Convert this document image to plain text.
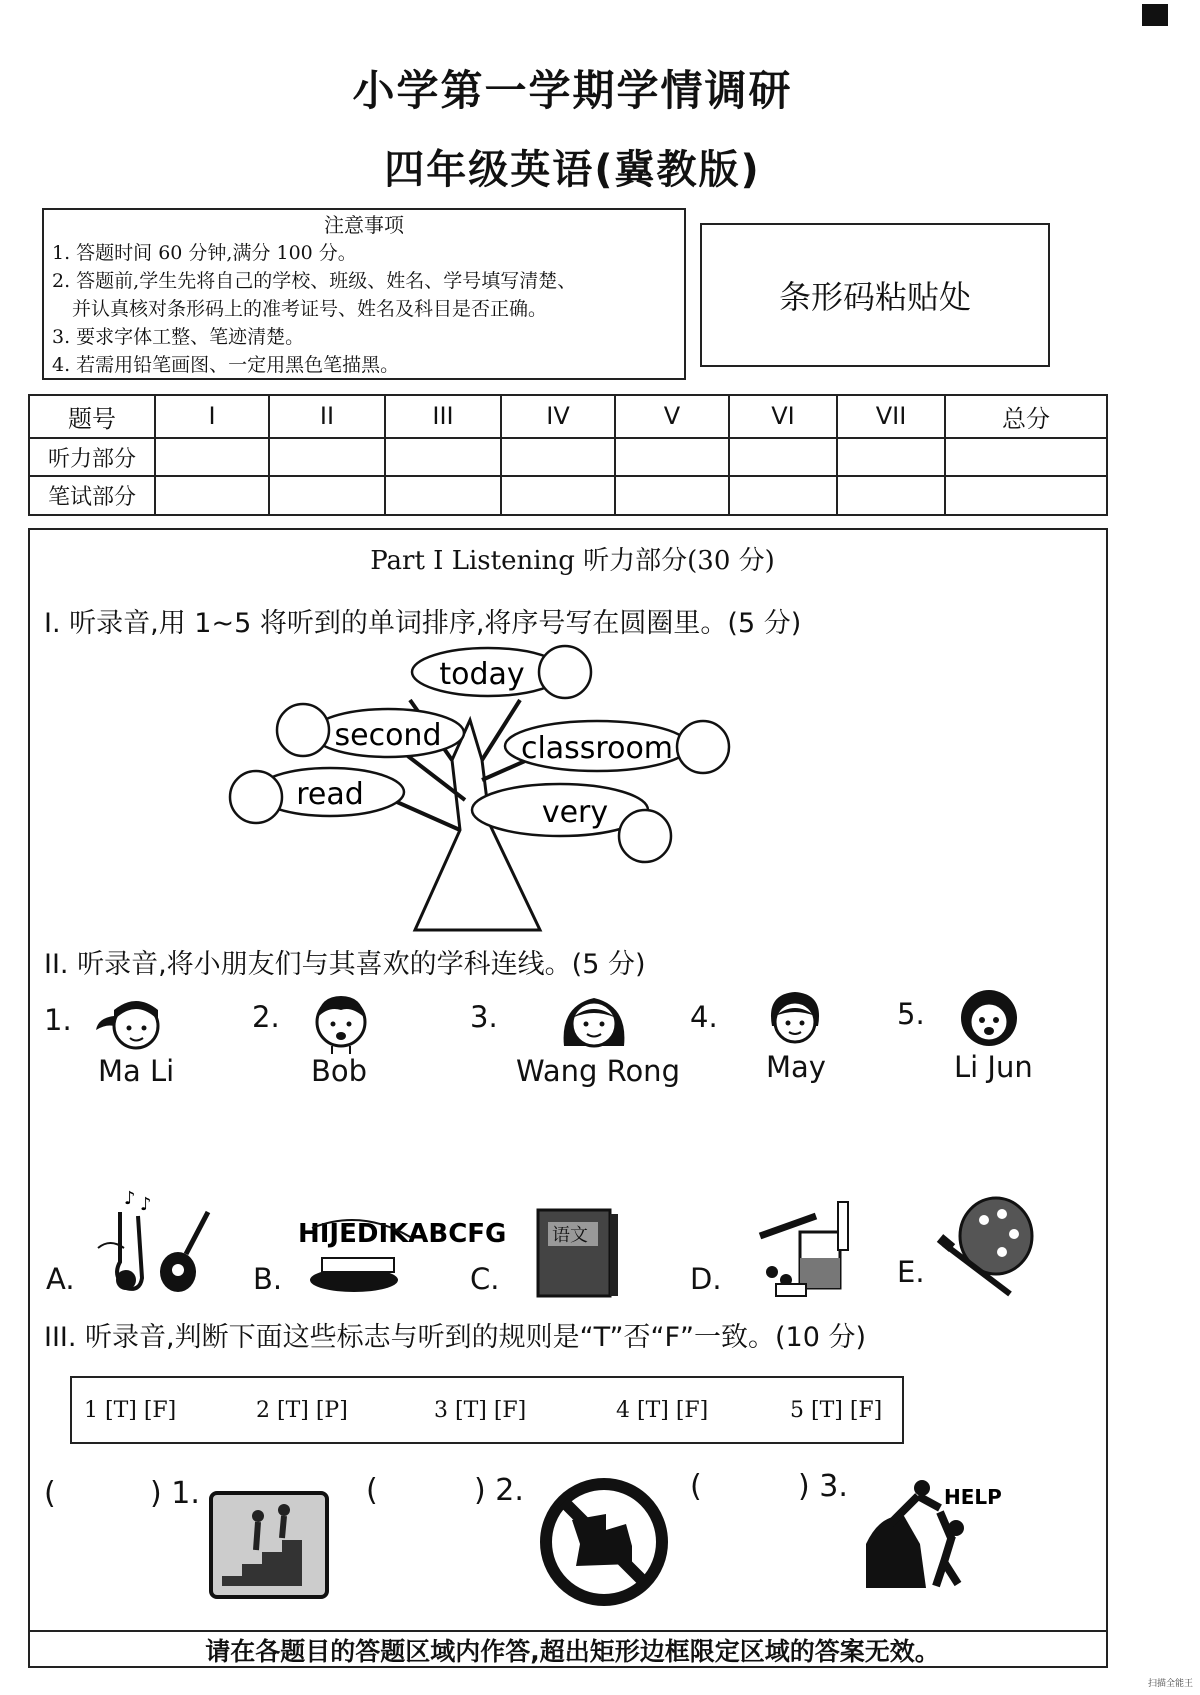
小学第一学期学情调研
四年级英语(冀教版)
注意事项
1. 答题时间 60 分钟,满分 100 分。
2. 答题前,学生先将自己的学校、班级、姓名、学号填写清楚、
并认真核对条形码上的准考证号、姓名及科目是否正确。
3. 要求字体工整、笔迹清楚。
4. 若需用铅笔画图、一定用黑色笔描黑。
条形码粘贴处
题号	I	II	III	IV	V	VI	VII	总分
听力部分								
笔试部分								
Part I Listening 听力部分(30 分)
I. 听录音,用 1~5 将听到的单词排序,将序号写在圆圈里。(5 分)
today
second	classroom
read
very
II. 听录音,将小朋友们与其喜欢的学科连线。(5 分)
1.
Ma Li
2.
Bob
3.
Wang Rong
4.
May
5.
Li Jun
A.
♪ ♪
B.
HIJEDIKABCFG
C.
语文
D.	E.
III. 听录音,判断下面这些标志与听到的规则是“T”否“F”一致。(10 分)
1 [T] [F]	2 [T] [P]	3 [T] [F]	4 [T] [F]	5 [T] [F]
(	) 1.	(	) 2.	(	) 3.	HELP
请在各题目的答题区域内作答,超出矩形边框限定区域的答案无效。
扫描全能王
